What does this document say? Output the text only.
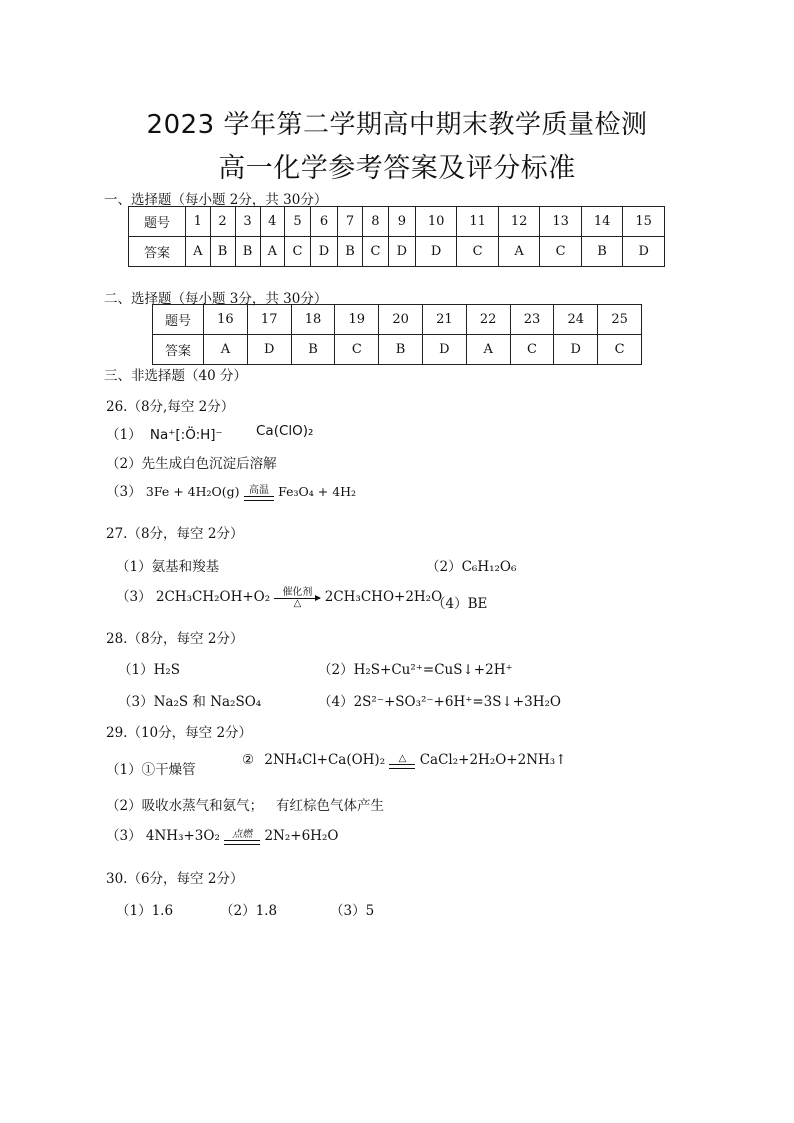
2023 学年第二学期高中期末教学质量检测
高一化学参考答案及评分标准
一、选择题（每小题 2分，共 30分）
题号	1	2	3	4	5	6	7	8	9	10	11	12	13	14	15
答案	A	B	B	A	C	D	B	C	D	D	C	A	C	B	D
二、选择题（每小题 3分，共 30分）
题号	16	17	18	19	20	21	22	23	24	25
答案	A	D	B	C	B	D	A	C	D	C
三、非选择题（40 分）
26.（8分,每空 2分）
（1） Na⁺[:Ö:H]⁻ Ca(ClO)₂
（2）先生成白色沉淀后溶解
（3） 3Fe + 4H₂O(g) 高温 Fe₃O₄ + 4H₂
27.（8分，每空 2分）
（1）氨基和羧基	（2）C₆H₁₂O₆
（3） 2CH₃CH₂OH+O₂	催化剂
△	2CH₃CHO+2H₂O
（4）BE
28.（8分，每空 2分）
（1）H₂S	（2）H₂S+Cu²⁺=CuS↓+2H⁺
（3）Na₂S 和 Na₂SO₄	（4）2S²⁻+SO₃²⁻+6H⁺=3S↓+3H₂O
29.（10分，每空 2分）
（1）①干燥管
② 2NH₄Cl+Ca(OH)₂	△ CaCl₂+2H₂O+2NH₃↑
（2）吸收水蒸气和氨气； 有红棕色气体产生
（3） 4NH₃+3O₂	点燃 2N₂+6H₂O
30.（6分，每空 2分）
（1）1.6	（2）1.8	（3）5
